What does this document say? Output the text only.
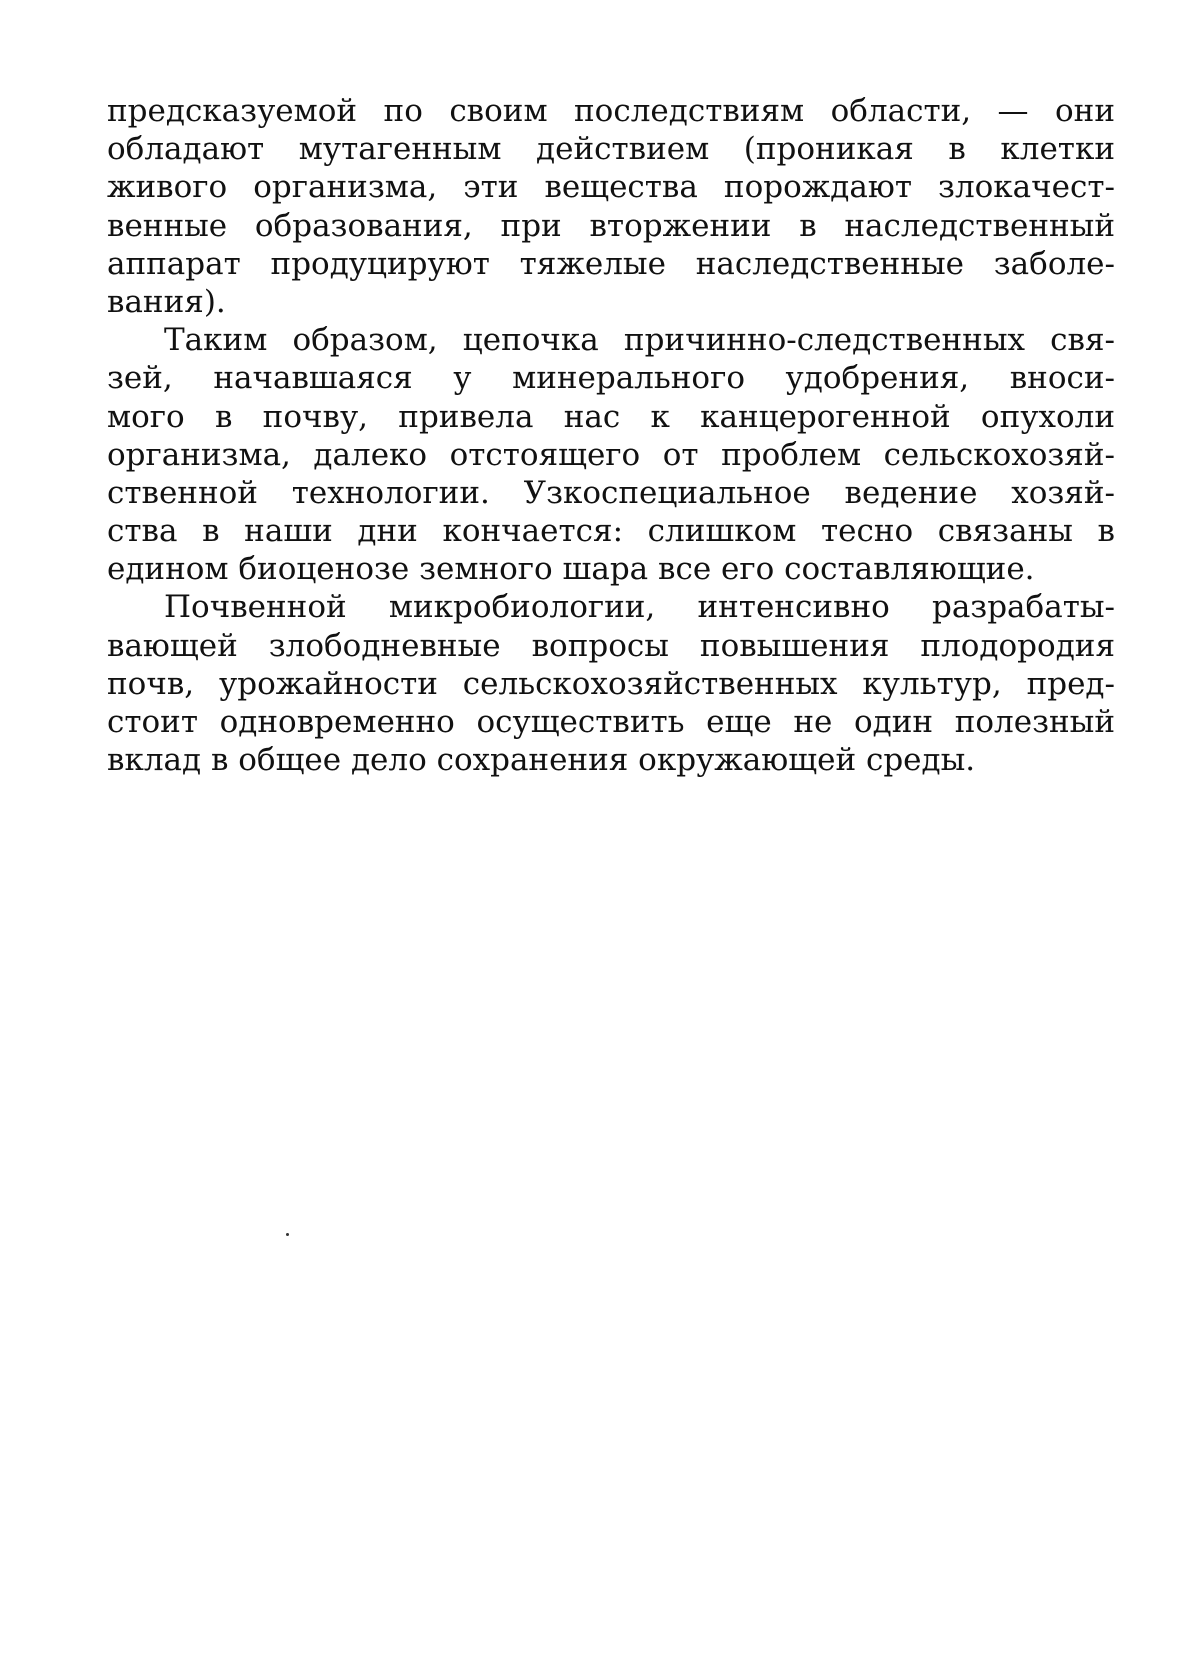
предсказуемой по своим последствиям области, — они
обладают мутагенным действием (проникая в клетки
живого организма, эти вещества порождают злокачест-
венные образования, при вторжении в наследственный
аппарат продуцируют тяжелые наследственные заболе-
вания).
Таким образом, цепочка причинно-следственных свя-
зей, начавшаяся у минерального удобрения, вноси-
мого в почву, привела нас к канцерогенной опухоли
организма, далеко отстоящего от проблем сельскохозяй-
ственной технологии. Узкоспециальное ведение хозяй-
ства в наши дни кончается: слишком тесно связаны в
едином биоценозе земного шара все его составляющие.
Почвенной микробиологии, интенсивно разрабаты-
вающей злободневные вопросы повышения плодородия
почв, урожайности сельскохозяйственных культур, пред-
стоит одновременно осуществить еще не один полезный
вклад в общее дело сохранения окружающей среды.
